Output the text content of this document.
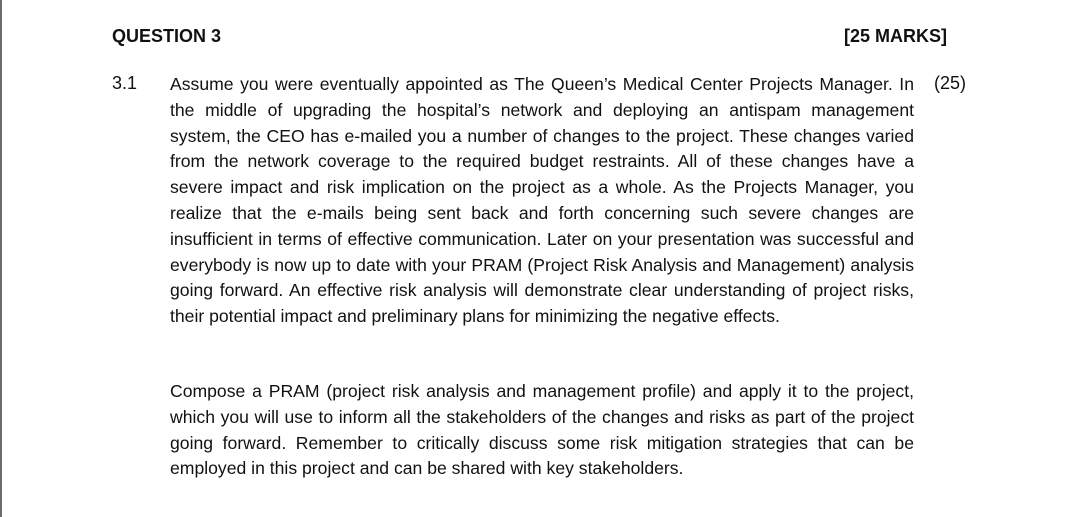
QUESTION 3	[25 MARKS]
3.1	(25)
Assume you were eventually appointed as The Queen’s Medical Center Projects Manager. In the middle of upgrading the hospital’s network and deploying an antispam management system, the CEO has e-mailed you a number of changes to the project. These changes varied from the network coverage to the required budget restraints. All of these changes have a severe impact and risk implication on the project as a whole. As the Projects Manager, you realize that the e-mails being sent back and forth concerning such severe changes are insufficient in terms of effective communication. Later on your presentation was successful and everybody is now up to date with your PRAM (Project Risk Analysis and Management) analysis going forward. An effective risk analysis will demonstrate clear understanding of project risks, their potential impact and preliminary plans for minimizing the negative effects.
Compose a PRAM (project risk analysis and management profile) and apply it to the project, which you will use to inform all the stakeholders of the changes and risks as part of the project going forward. Remember to critically discuss some risk mitigation strategies that can be employed in this project and can be shared with key stakeholders.
